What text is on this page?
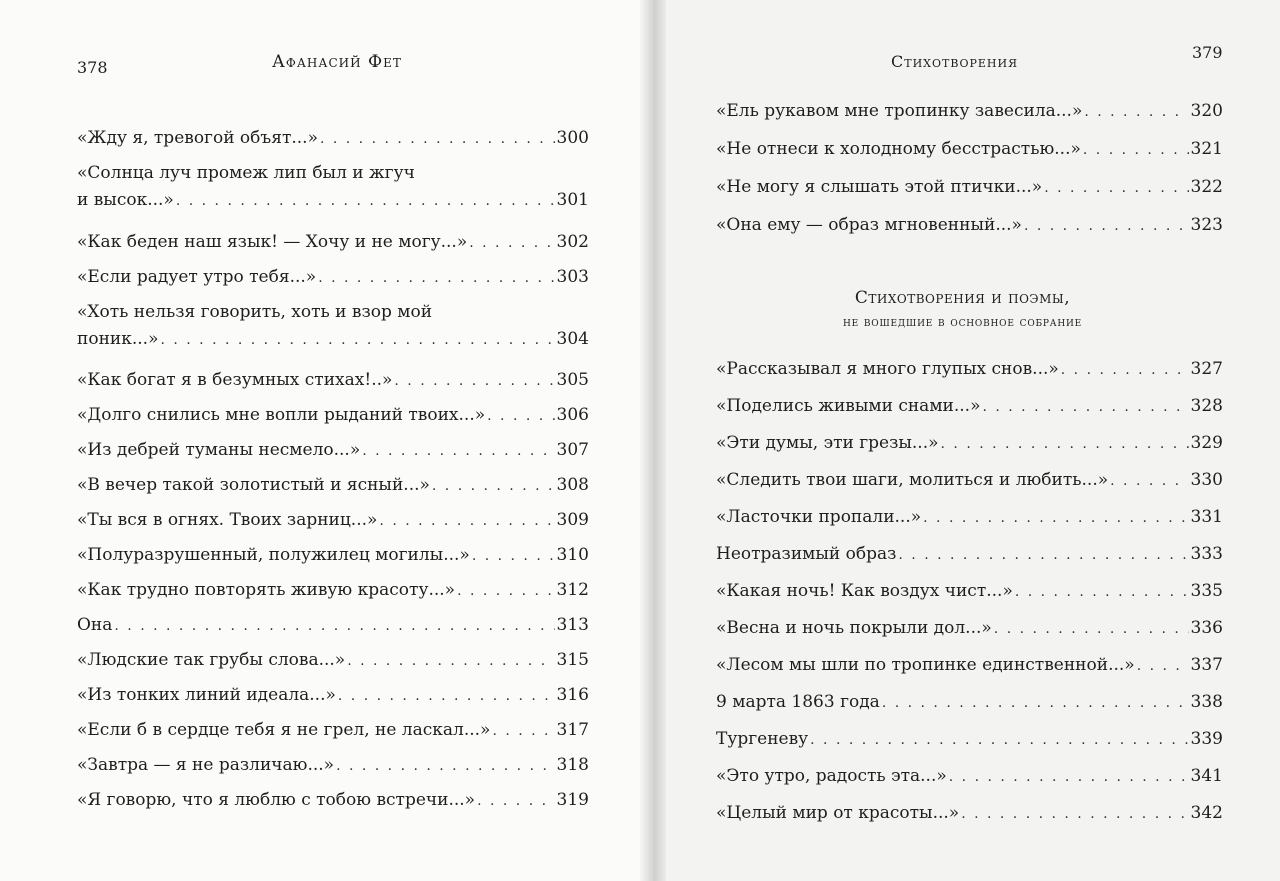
378	Афанасий Фет
«Жду я, тревогой объят...» . . .	300
«Солнца луч промеж лип был и жгуч
и высок...» . . .	301
«Как беден наш язык! — Хочу и не могу...» . . .	302
«Если радует утро тебя...» . . .	303
«Хоть нельзя говорить, хоть и взор мой
поник...» . . .	304
«Как богат я в безумных стихах!..» . . .	305
«Долго снились мне вопли рыданий твоих...» . . .	306
«Из дебрей туманы несмело...» . . .	307
«В вечер такой золотистый и ясный...» . . .	308
«Ты вся в огнях. Твоих зарниц...» . . .	309
«Полуразрушенный, полужилец могилы...» . . .	310
«Как трудно повторять живую красоту...» . . .	312
Она . . .	313
«Людские так грубы слова...» . . .	315
«Из тонких линий идеала...» . . .	316
«Если б в сердце тебя я не грел, не ласкал...» . . .	317
«Завтра — я не различаю...» . . .	318
«Я говорю, что я люблю с тобою встречи...» . . .	319
Стихотворения	379
«Ель рукавом мне тропинку завесила...» . . .	320
«Не отнеси к холодному бесстрастью...» . . .	321
«Не могу я слышать этой птички...» . . .	322
«Она ему — образ мгновенный...» . . .	323
Стихотворения и поэмы,
не вошедшие в основное собрание
«Рассказывал я много глупых снов...» . . .	327
«Поделись живыми снами...» . . .	328
«Эти думы, эти грезы...» . . .	329
«Следить твои шаги, молиться и любить...» . . .	330
«Ласточки пропали...» . . .	331
Неотразимый образ . . .	333
«Какая ночь! Как воздух чист...» . . .	335
«Весна и ночь покрыли дол...» . . .	336
«Лесом мы шли по тропинке единственной...» . . .	337
9 марта 1863 года . . .	338
Тургеневу . . .	339
«Это утро, радость эта...» . . .	341
«Целый мир от красоты...» . . .	342
